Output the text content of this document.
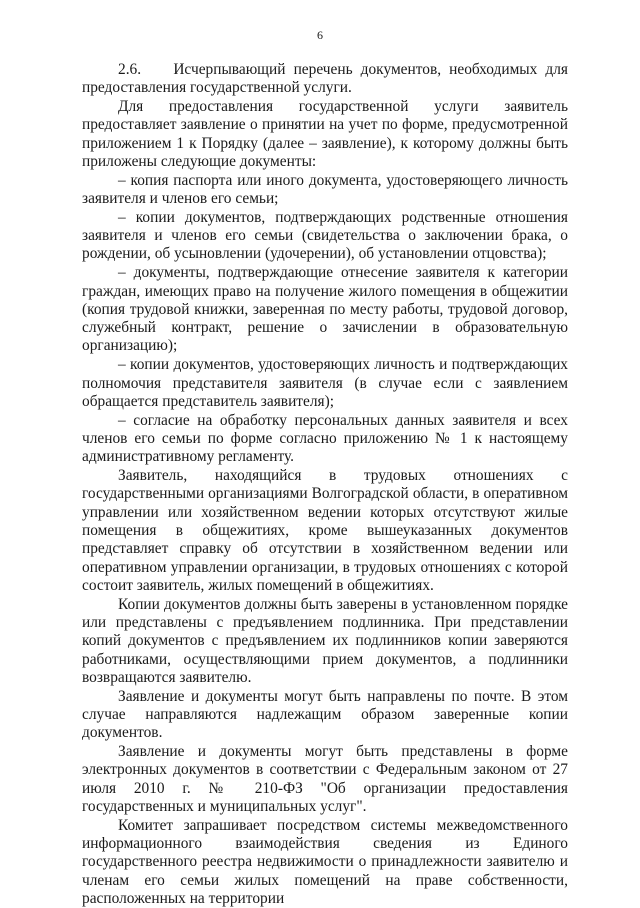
6

2.6.    Исчерпывающий перечень документов, необходимых для предоставления государственной услуги.

Для предоставления государственной услуги заявитель предоставляет заявление о принятии на учет по форме, предусмотренной приложением 1 к Порядку (далее – заявление), к которому должны быть приложены следующие документы:

– копия паспорта или иного документа, удостоверяющего личность заявителя и членов его семьи;

– копии документов, подтверждающих родственные отношения заявителя и членов его семьи (свидетельства о заключении брака, о рождении, об усыновлении (удочерении), об установлении отцовства);

– документы, подтверждающие отнесение заявителя к категории граждан, имеющих право на получение жилого помещения в общежитии (копия трудовой книжки, заверенная по месту работы, трудовой договор, служебный контракт, решение о зачислении в образовательную организацию);

– копии документов, удостоверяющих личность и подтверждающих полномочия представителя заявителя (в случае если с заявлением обращается представитель заявителя);

– согласие на обработку персональных данных заявителя и всех членов его семьи по форме согласно приложению № 1 к настоящему административному регламенту.

Заявитель, находящийся в трудовых отношениях с государственными организациями Волгоградской области, в оперативном управлении или хозяйственном ведении которых отсутствуют жилые помещения в общежитиях, кроме вышеуказанных документов представляет справку об отсутствии в хозяйственном ведении или оперативном управлении организации, в трудовых отношениях с которой состоит заявитель, жилых помещений в общежитиях.

Копии документов должны быть заверены в установленном порядке или представлены с предъявлением подлинника. При представлении копий документов с предъявлением их подлинников копии заверяются работниками, осуществляющими прием документов, а подлинники возвращаются заявителю.

Заявление и документы могут быть направлены по почте. В этом случае направляются надлежащим образом заверенные копии документов.

Заявление и документы могут быть представлены в форме электронных документов в соответствии с Федеральным законом от 27 июля 2010 г. № 210-ФЗ "Об организации предоставления государственных и муниципальных услуг".

Комитет запрашивает посредством системы межведомственного информационного взаимодействия сведения из Единого государственного реестра недвижимости о принадлежности заявителю и членам его семьи жилых помещений на праве собственности, расположенных на территории
